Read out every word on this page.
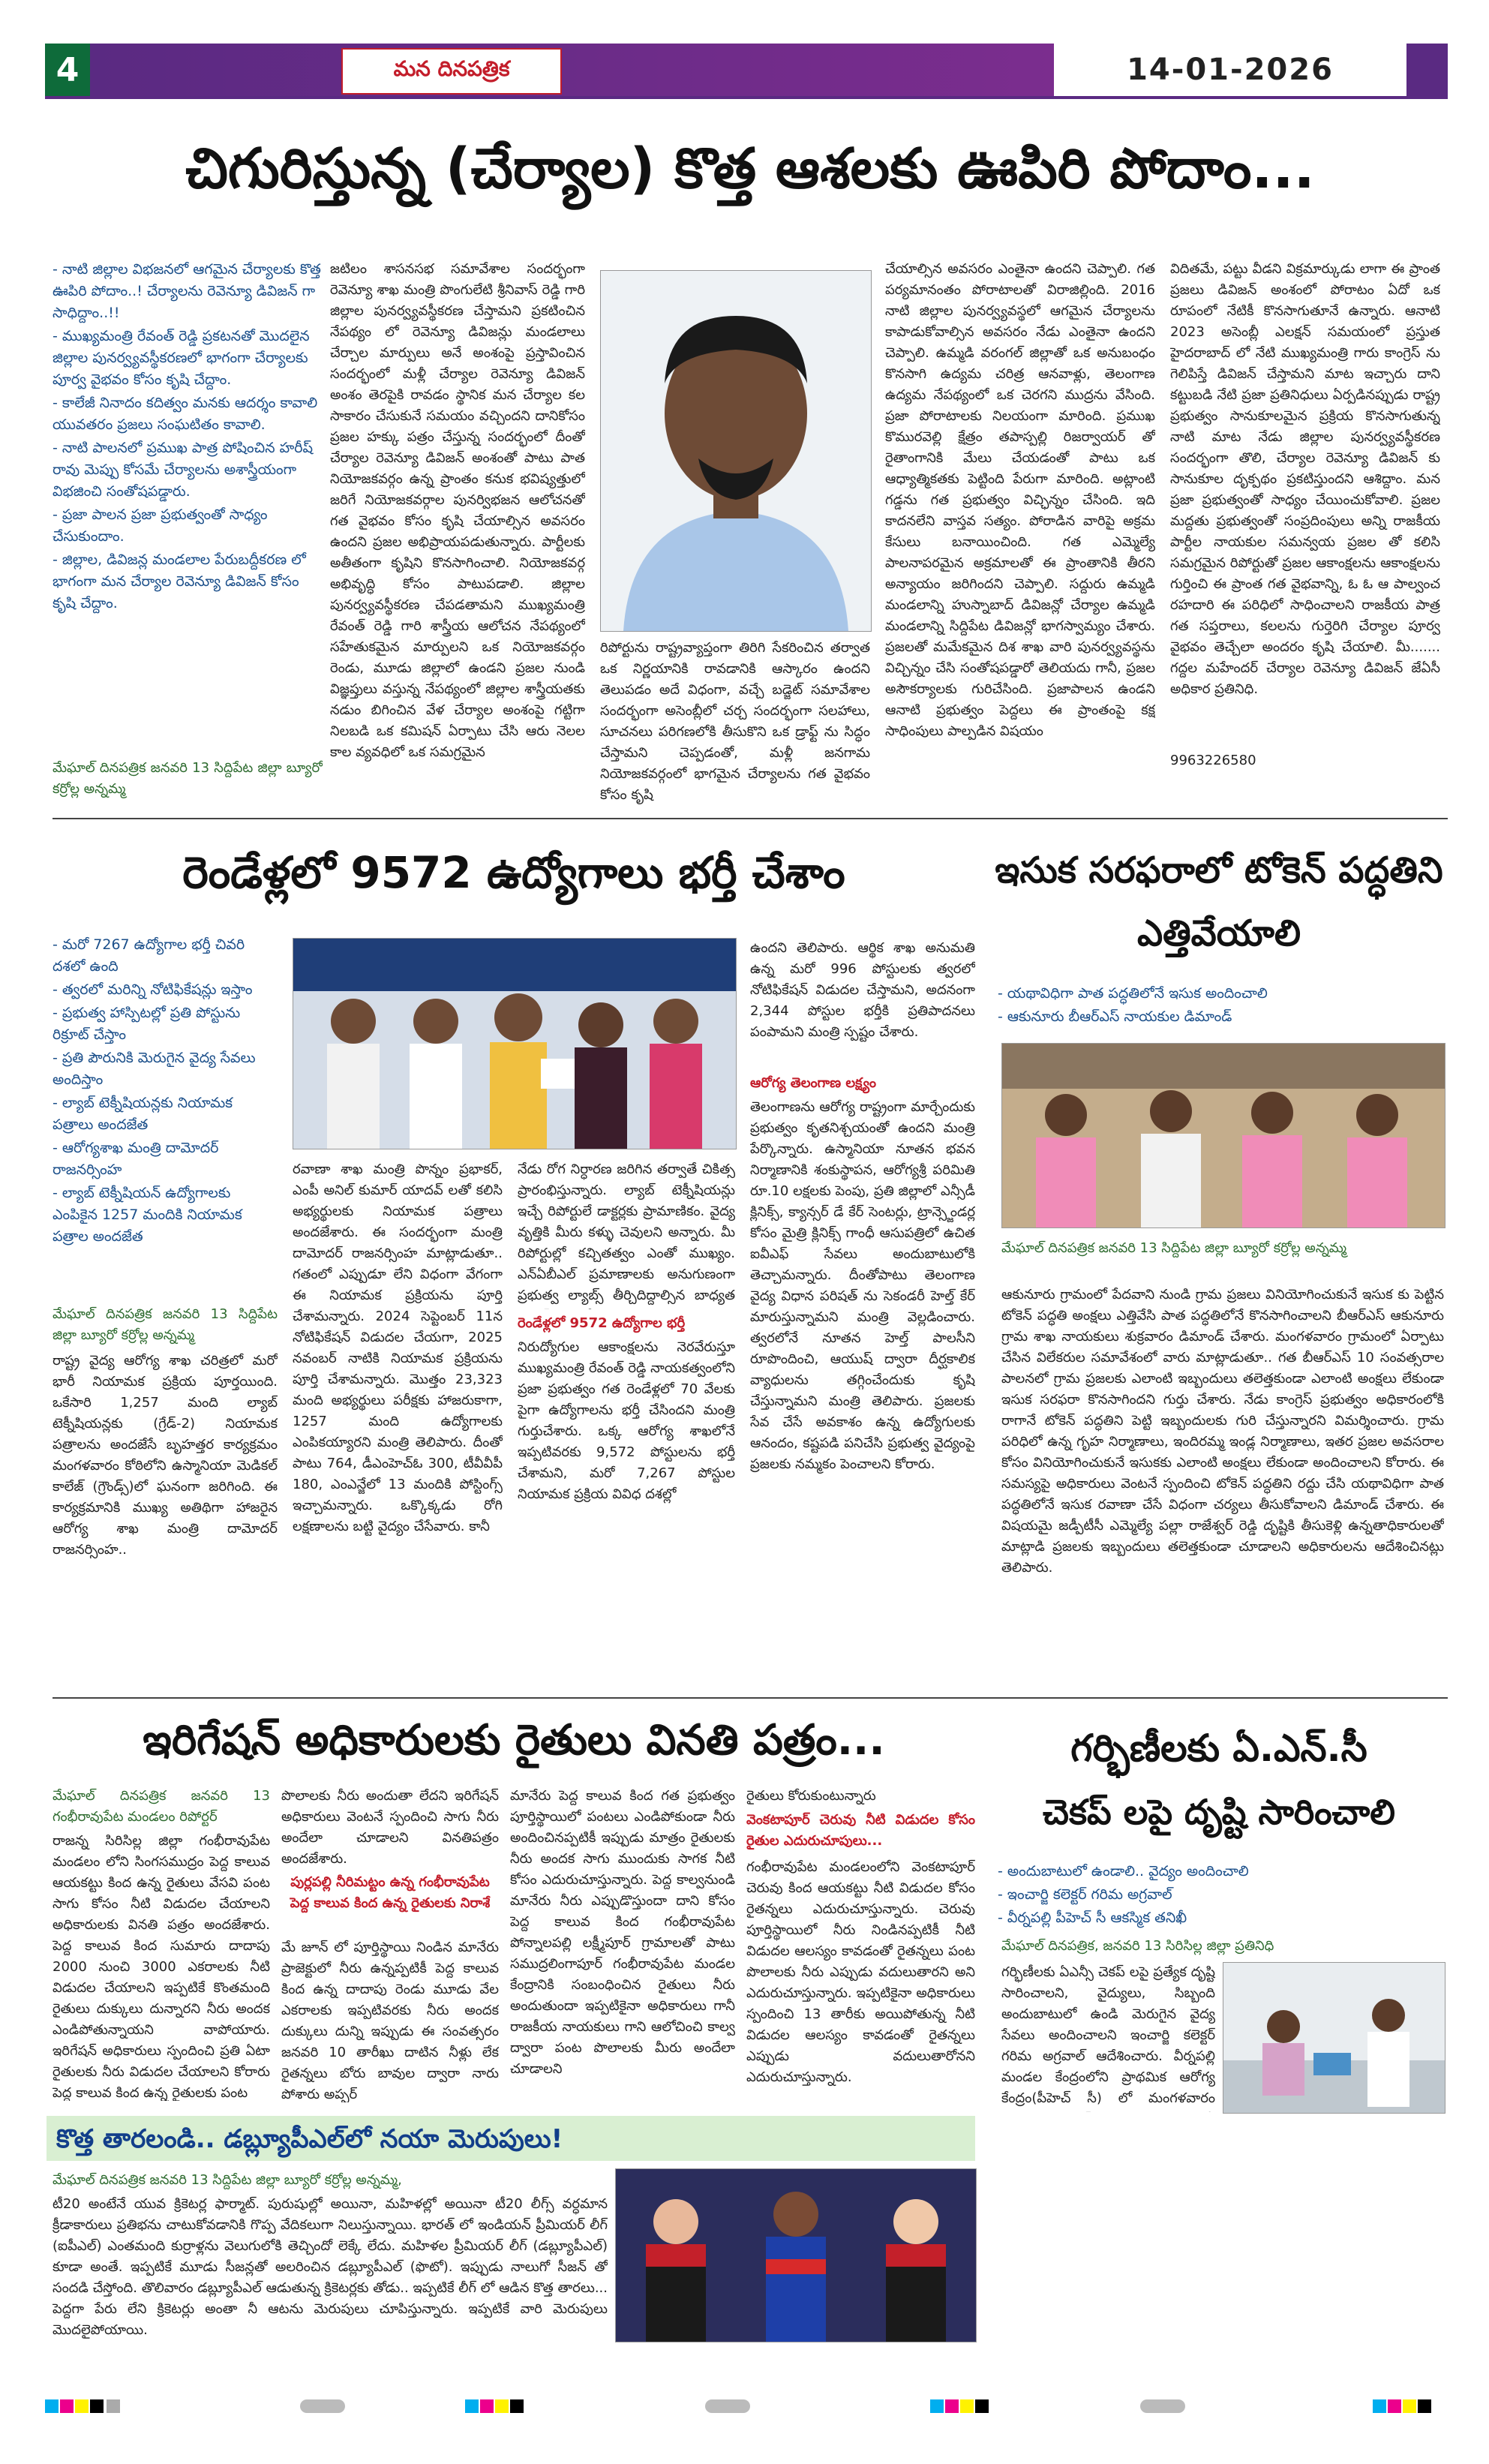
4	మన దినపత్రిక	14-01-2026
చిగురిస్తున్న (చేర్యాల) కొత్త ఆశలకు ఊపిరి పోదాం...
- నాటి జిల్లాల విభజనలో ఆగమైన చేర్యాలకు కొత్త ఊపిరి పోదాం..! చేర్యాలను రెవెన్యూ డివిజన్ గా సాధిద్దాం..!!
- ముఖ్యమంత్రి రేవంత్ రెడ్డి ప్రకటనతో మొదలైన జిల్లాల పునర్వ్యవస్థీకరణలో భాగంగా చేర్యాలకు పూర్వ వైభవం కోసం కృషి చేద్దాం.
- కాలేజీ నినాదం కదిత్వం మనకు ఆదర్శం కావాలి యువతరం ప్రజలు సంఘటితం కావాలి.
- నాటి పాలనలో ప్రముఖ పాత్ర పోషించిన హరీష్ రావు మెప్పు కోసమే చేర్యాలను అశాస్త్రీయంగా విభజించి సంతోషపడ్డారు.
- ప్రజా పాలన ప్రజా ప్రభుత్వంతో సాధ్యం చేసుకుందాం.
- జిల్లాల, డివిజన్ల మండలాల పేరుబద్దీకరణ లో భాగంగా మన చేర్యాల రెవెన్యూ డివిజన్ కోసం కృషి చేద్దాం.
మేఘాల్ దినపత్రిక జనవరి 13 సిద్దిపేట జిల్లా బ్యూరో కర్రోల్ల అన్నమ్మ
జటిలం శాసనసభ సమావేశాల సందర్భంగా రెవెన్యూ శాఖ మంత్రి పొంగులేటి శ్రీనివాస్ రెడ్డి గారి జిల్లాల పునర్వ్యవస్థీకరణ చేస్తామని ప్రకటించిన నేపథ్యం లో రెవెన్యూ డివిజన్లు మండలాలు చేర్చాల మార్పులు అనే అంశంపై ప్రస్తావించిన సందర్భంలో మళ్లీ చేర్యాల రెవెన్యూ డివిజన్ అంశం తెరపైకి రావడం స్థానిక మన చేర్యాల కల సాకారం చేసుకునే సమయం వచ్చిందని దానికోసం ప్రజల హక్కు పత్రం చేస్తున్న సందర్భంలో దీంతో చేర్యాల రెవెన్యూ డివిజన్ అంశంతో పాటు పాత నియోజకవర్గం ఉన్న ప్రాంతం కనుక భవిష్యత్తులో జరిగే నియోజకవర్గాల పునర్విభజన ఆలోచనతో గత వైభవం కోసం కృషి చేయాల్సిన అవసరం ఉందని ప్రజల అభిప్రాయపడుతున్నారు. పార్టీలకు అతీతంగా కృషిని కొనసాగించాలి. నియోజకవర్గ అభివృద్ధి కోసం పాటుపడాలి. జిల్లాల పునర్వ్యవస్థీకరణ చేపడతామని ముఖ్యమంత్రి రేవంత్ రెడ్డి గారి శాస్త్రీయ ఆలోచన నేపథ్యంలో సహేతుకమైన మార్పులని ఒక నియోజకవర్గం రెండు, మూడు జిల్లాలో ఉండని ప్రజల నుండి విజ్ఞప్తులు వస్తున్న నేపథ్యంలో జిల్లాల శాస్త్రీయతకు నడుం బిగించిన వేళ చేర్యాల అంశంపై గట్టిగా నిలబడి ఒక కమిషన్ ఏర్పాటు చేసి ఆరు నెలల కాల వ్యవధిలో ఒక సమగ్రమైన
రిపోర్టును రాష్ట్రవ్యాప్తంగా తిరిగి సేకరించిన తర్వాత ఒక నిర్ణయానికి రావడానికి ఆస్కారం ఉందని తెలుపడం అదే విధంగా, వచ్చే బడ్జెట్ సమావేశాల సందర్భంగా అసెంబ్లీలో చర్చ సందర్భంగా సలహాలు, సూచనలు పరిగణలోకి తీసుకొని ఒక డ్రాఫ్ట్ ను సిద్ధం చేస్తామని చెప్పడంతో, మళ్లీ జనగామ నియోజకవర్గంలో భాగమైన చేర్యాలను గత వైభవం కోసం కృషి
చేయాల్సిన అవసరం ఎంతైనా ఉందని చెప్పాలి. గత పర్యమానంతం పోరాటాలతో విరాజిల్లింది. 2016 నాటి జిల్లాల పునర్వ్యవస్థలో ఆగమైన చేర్యాలను కాపాడుకోవాల్సిన అవసరం నేడు ఎంతైనా ఉందని చెప్పాలి. ఉమ్మడి వరంగల్ జిల్లాతో ఒక అనుబంధం కొనసాగి ఉద్యమ చరిత్ర ఆనవాళ్లు, తెలంగాణ ఉద్యమ నేపథ్యంలో ఒక చెరగని ముద్రను వేసింది. ప్రజా పోరాటాలకు నిలయంగా మారింది. ప్రముఖ కొమురవెల్లి క్షేత్రం తపాస్పల్లి రిజర్వాయర్ తో రైతాంగానికి మేలు చేయడంతో పాటు ఒక ఆధ్యాత్మికతకు పెట్టింది పేరుగా మారింది. అట్లాంటి గడ్డను గత ప్రభుత్వం విచ్ఛిన్నం చేసింది. ఇది కాదనలేని వాస్తవ సత్యం. పోరాడిన వారిపై అక్రమ కేసులు బనాయించింది. గత ఎమ్మెల్యే పాలనాపరమైన అక్రమాలతో ఈ ప్రాంతానికి తీరని అన్యాయం జరిగిందని చెప్పాలి. సద్దురు ఉమ్మడి మండలాన్ని హుస్నాబాద్ డివిజన్లో చేర్యాల ఉమ్మడి మండలాన్ని సిద్దిపేట డివిజన్లో భాగస్వామ్యం చేశారు. ప్రజలతో మమేకమైన దిశ శాఖ వారి పునర్వ్యవస్థను విచ్చిన్నం చేసి సంతోషపడ్డారో తెలియదు గానీ, ప్రజల అసౌకర్యాలకు గురిచేసింది. ప్రజాపాలన ఉండని ఆనాటి ప్రభుత్వం పెద్దలు ఈ ప్రాంతంపై కక్ష సాధింపులు పాల్పడిన విషయం
విదితమే, పట్టు వీడని విక్రమార్కుడు లాగా ఈ ప్రాంత ప్రజలు డివిజన్ అంశంలో పోరాటం ఏదో ఒక రూపంలో నేటికీ కొనసాగుతూనే ఉన్నారు. ఆనాటి 2023 అసెంబ్లీ ఎలక్షన్ సమయంలో ప్రస్తుత హైదరాబాద్ లో నేటి ముఖ్యమంత్రి గారు కాంగ్రెస్ ను గెలిపిస్తే డివిజన్ చేస్తామని మాట ఇచ్చారు దాని కట్టుబడి నేటి ప్రజా ప్రతినిధులు ఏర్పడినప్పుడు రాష్ట్ర ప్రభుత్వం సానుకూలమైన ప్రక్రియ కొనసాగుతున్న నాటి మాట నేడు జిల్లాల పునర్వ్యవస్థీకరణ సందర్భంగా తొలి, చేర్యాల రెవెన్యూ డివిజన్ కు సానుకూల దృక్పథం ప్రకటిస్తుందని ఆశిద్దాం. మన ప్రజా ప్రభుత్వంతో సాధ్యం చేయించుకోవాలి. ప్రజల మద్దతు ప్రభుత్వంతో సంప్రదింపులు అన్ని రాజకీయ పార్టీల నాయకుల సమన్వయ ప్రజల తో కలిసి సమగ్రమైన రిపోర్టుతో ప్రజల ఆకాంక్షలను ఆకాంక్షలను గుర్తించి ఈ ప్రాంత గత వైభవాన్ని, ఓ ఓ ఆ పాల్వంచ రహదారి ఈ పరిధిలో సాధించాలని రాజకీయ పాత్ర గత సప్తరాలు, కలలను గుర్తెరిగి చేర్యాల పూర్వ వైభవం తెచ్చేలా అందరం కృషి చేయాలి. మీ....... గద్దల మహేందర్ చేర్యాల రెవెన్యూ డివిజన్ జేఏసీ అధికార ప్రతినిధి.
9963226580
రెండేళ్లలో 9572 ఉద్యోగాలు భర్తీ చేశాం
- మరో 7267 ఉద్యోగాల భర్తీ చివరి దశలో ఉంది
- త్వరలో మరిన్ని నోటిఫికేషన్లు ఇస్తాం
- ప్రభుత్వ హాస్పిటల్లో ప్రతి పోస్టును రిక్రూట్ చేస్తాం
- ప్రతి పౌరునికి మెరుగైన వైద్య సేవలు అందిస్తాం
- ల్యాబ్ టెక్నీషియన్లకు నియామక పత్రాలు అందజేత
- ఆరోగ్యశాఖ మంత్రి దామోదర్ రాజనర్సింహ
- ల్యాబ్ టెక్నీషియన్ ఉద్యోగాలకు ఎంపికైన 1257 మందికి నియామక పత్రాల అందజేత
మేఘాల్ దినపత్రిక జనవరి 13 సిద్దిపేట జిల్లా బ్యూరో కర్రోల్ల అన్నమ్మ
రాష్ట్ర వైద్య ఆరోగ్య శాఖ చరిత్రలో మరో భారీ నియామక ప్రక్రియ పూర్తయింది. ఒకేసారి 1,257 మంది ల్యాబ్ టెక్నీషియన్లకు (గ్రేడ్-2) నియామక పత్రాలను అందజేసే బృహత్తర కార్యక్రమం మంగళవారం కోఠిలోని ఉస్మానియా మెడికల్ కాలేజ్ (గ్రౌండ్స్)లో ఘనంగా జరిగింది. ఈ కార్యక్రమానికి ముఖ్య అతిథిగా హాజరైన ఆరోగ్య శాఖ మంత్రి దామోదర్ రాజనర్సింహ..
రవాణా శాఖ మంత్రి పొన్నం ప్రభాకర్, ఎంపీ అనిల్ కుమార్ యాదవ్ లతో కలిసి అభ్యర్థులకు నియామక పత్రాలు అందజేశారు. ఈ సందర్భంగా మంత్రి దామోదర్ రాజనర్సింహ మాట్లాడుతూ.. గతంలో ఎప్పుడూ లేని విధంగా వేగంగా ఈ నియామక ప్రక్రియను పూర్తి చేశామన్నారు. 2024 సెప్టెంబర్ 11న నోటిఫికేషన్ విడుదల చేయగా, 2025 నవంబర్ నాటికి నియామక ప్రక్రియను పూర్తి చేశామన్నారు. మొత్తం 23,323 మంది అభ్యర్థులు పరీక్షకు హాజరుకాగా, 1257 మంది ఉద్యోగాలకు ఎంపికయ్యారని మంత్రి తెలిపారు. దీంతో పాటు 764, డీఎంహెచ్ఓ 300, టీవీవీపీ 180, ఎంఎన్జేలో 13 మందికి పోస్టింగ్స్ ఇచ్చామన్నారు. ఒక్కొక్కడు రోగి లక్షణాలను బట్టి వైద్యం చేసేవారు. కానీ
నేడు రోగ నిర్ధారణ జరిగిన తర్వాతే చికిత్స ప్రారంభిస్తున్నారు. ల్యాబ్ టెక్నీషియన్లు ఇచ్చే రిపోర్టులే డాక్టర్లకు ప్రామాణికం. వైద్య వృత్తికి మీరు కళ్ళు చెవులని అన్నారు. మీ రిపోర్టుల్లో కచ్చితత్వం ఎంతో ముఖ్యం. ఎన్ఏబీఎల్ ప్రమాణాలకు అనుగుణంగా ప్రభుత్వ ల్యాబ్స్ తీర్చిదిద్దాల్సిన బాధ్యత
రెండేళ్లలో 9572 ఉద్యోగాల భర్తీ
నిరుద్యోగుల ఆకాంక్షలను నెరవేరుస్తూ ముఖ్యమంత్రి రేవంత్ రెడ్డి నాయకత్వంలోని ప్రజా ప్రభుత్వం గత రెండేళ్లలో 70 వేలకు పైగా ఉద్యోగాలను భర్తీ చేసిందని మంత్రి గుర్తుచేశారు. ఒక్క ఆరోగ్య శాఖలోనే ఇప్పటివరకు 9,572 పోస్టులను భర్తీ చేశామని, మరో 7,267 పోస్టుల నియామక ప్రక్రియ వివిధ దశల్లో
ఉందని తెలిపారు. ఆర్థిక శాఖ అనుమతి ఉన్న మరో 996 పోస్టులకు త్వరలో నోటిఫికేషన్ విడుదల చేస్తామని, అదనంగా 2,344 పోస్టుల భర్తీకి ప్రతిపాదనలు పంపామని మంత్రి స్పష్టం చేశారు.
ఆరోగ్య తెలంగాణ లక్ష్యం
తెలంగాణను ఆరోగ్య రాష్ట్రంగా మార్చేందుకు ప్రభుత్వం కృతనిశ్చయంతో ఉందని మంత్రి పేర్కొన్నారు. ఉస్మానియా నూతన భవన నిర్మాణానికి శంకుస్థాపన, ఆరోగ్యశ్రీ పరిమితి రూ.10 లక్షలకు పెంపు, ప్రతి జిల్లాలో ఎన్సీడీ క్లినిక్స్, క్యాన్సర్ డే కేర్ సెంటర్లు, ట్రాన్స్జెండర్ల కోసం మైత్రి క్లినిక్స్ గాంధీ ఆసుపత్రిలో ఉచిత ఐవీఎఫ్ సేవలు అందుబాటులోకి తెచ్చామన్నారు. దీంతోపాటు తెలంగాణ వైద్య విధాన పరిషత్ ను సెకండరీ హెల్త్ కేర్ మారుస్తున్నామని మంత్రి వెల్లడించారు. త్వరలోనే నూతన హెల్త్ పాలసీని రూపొందించి, ఆయుష్ ద్వారా దీర్ఘకాలిక వ్యాధులను తగ్గించేందుకు కృషి చేస్తున్నామని మంత్రి తెలిపారు. ప్రజలకు సేవ చేసే అవకాశం ఉన్న ఉద్యోగులకు ఆనందం, కష్టపడి పనిచేసి ప్రభుత్వ వైద్యంపై ప్రజలకు నమ్మకం పెంచాలని కోరారు.
ఇసుక సరఫరాలో టోకెన్ పద్ధతిని ఎత్తివేయాలి
- యథావిధిగా పాత పద్ధతిలోనే ఇసుక అందించాలి
- ఆకునూరు బీఆర్ఎస్ నాయకుల డిమాండ్
మేఘాల్ దినపత్రిక జనవరి 13 సిద్దిపేట జిల్లా బ్యూరో కర్రోల్ల అన్నమ్మ
ఆకునూరు గ్రామంలో పేదవాని నుండి గ్రామ ప్రజలు వినియోగించుకునే ఇసుక కు పెట్టిన టోకెన్ పద్ధతి అంక్షలు ఎత్తివేసి పాత పద్ధతిలోనే కొనసాగించాలని బీఆర్ఎస్ ఆకునూరు గ్రామ శాఖ నాయకులు శుక్రవారం డిమాండ్ చేశారు. మంగళవారం గ్రామంలో ఏర్పాటు చేసిన విలేకరుల సమావేశంలో వారు మాట్లాడుతూ.. గత బీఆర్ఎస్ 10 సంవత్సరాల పాలనలో గ్రామ ప్రజలకు ఎలాంటి ఇబ్బందులు తలెత్తకుండా ఎలాంటి అంక్షలు లేకుండా ఇసుక సరఫరా కొనసాగిందని గుర్తు చేశారు. నేడు కాంగ్రెస్ ప్రభుత్వం అధికారంలోకి రాగానే టోకెన్ పద్ధతిని పెట్టి ఇబ్బందులకు గురి చేస్తున్నారని విమర్శించారు. గ్రామ పరిధిలో ఉన్న గృహ నిర్మాణాలు, ఇందిరమ్మ ఇండ్ల నిర్మాణాలు, ఇతర ప్రజల అవసరాల కోసం వినియోగించుకునే ఇసుకకు ఎలాంటి అంక్షలు లేకుండా అందించాలని కోరారు. ఈ సమస్యపై అధికారులు వెంటనే స్పందించి టోకెన్ పద్ధతిని రద్దు చేసి యథావిధిగా పాత పద్ధతిలోనే ఇసుక రవాణా చేసే విధంగా చర్యలు తీసుకోవాలని డిమాండ్ చేశారు. ఈ విషయమై జడ్పీటీసీ ఎమ్మెల్యే పల్లా రాజేశ్వర్ రెడ్డి దృష్టికి తీసుకెళ్లి ఉన్నతాధికారులతో మాట్లాడి ప్రజలకు ఇబ్బందులు తలెత్తకుండా చూడాలని అధికారులను ఆదేశించినట్లు తెలిపారు.
ఇరిగేషన్ అధికారులకు రైతులు వినతి పత్రం...
మేఘాల్ దినపత్రిక జనవరి 13 గంభీరావుపేట మండలం రిపోర్టర్
రాజన్న సిరిసిల్ల జిల్లా గంభీరావుపేట మండలం లోని సింగసముద్రం పెద్ద కాలువ ఆయకట్టు కింద ఉన్న రైతులు వేసవి పంట సాగు కోసం నీటి విడుదల చేయాలని అధికారులకు వినతి పత్రం అందజేశారు. పెద్ద కాలువ కింద సుమారు దాదాపు 2000 నుంచి 3000 ఎకరాలకు నీటి విడుదల చేయాలని ఇప్పటికే కొంతమంది రైతులు దుక్కులు దున్నారని నీరు అందక ఎండిపోతున్నాయని వాపోయారు. ఇరిగేషన్ అధికారులు స్పందించి ప్రతి ఏటా రైతులకు నీరు విడుదల చేయాలని కోరారు పెద్ద కాలువ కింద ఉన్న రైతులకు పంట
పొలాలకు నీరు అందుతా లేదని ఇరిగేషన్ అధికారులు వెంటనే స్పందించి సాగు నీరు అందేలా చూడాలని వినతిపత్రం అందజేశారు.
పుర్లపల్లి నీరిమట్టం ఉన్న గంభీరావుపేట పెద్ద కాలువ కింద ఉన్న రైతులకు నిరాశే
మే జూన్ లో పూర్తిస్థాయి నిండిన మానేరు ప్రాజెక్టులో నీరు ఉన్నప్పటికీ పెద్ద కాలువ కింద ఉన్న దాదాపు రెండు మూడు వేల ఎకరాలకు ఇప్పటివరకు నీరు అందక దుక్కులు దున్ని ఇప్పుడు ఈ సంవత్సరం జనవరి 10 తారీఖు దాటిన నీళ్లు లేక రైతన్నలు బోరు బావుల ద్వారా నారు పోశారు అప్పర్
మానేరు పెద్ద కాలువ కింద గత ప్రభుత్వం పూర్తిస్థాయిలో పంటలు ఎండిపోకుండా నీరు అందించినప్పటికీ ఇప్పుడు మాత్రం రైతులకు నీరు అందక సాగు ముందుకు సాగక నీటి కోసం ఎదురుచూస్తున్నారు. పెద్ద కాల్వనుండి మానేరు నీరు ఎప్పుడొస్తుందా దాని కోసం పెద్ద కాలువ కింద గంభీరావుపేట పోన్నాలపల్లి లక్ష్మీపూర్ గ్రామాలతో పాటు సముద్రలింగాపూర్ గంభీరావుపేట మండల కేంద్రానికి సంబంధించిన రైతులు నీరు అందుతుందా ఇప్పటికైనా అధికారులు గానీ రాజకీయ నాయకులు గాని ఆలోచించి కాల్వ ద్వారా పంట పొలాలకు మీరు అందేలా చూడాలని
రైతులు కోరుకుంటున్నారు
వెంకటాపూర్ చెరువు నీటి విడుదల కోసం రైతుల ఎదురుచూపులు...
గంభీరావుపేట మండలంలోని వెంకటాపూర్ చెరువు కింద ఆయకట్టు నీటి విడుదల కోసం రైతన్నలు ఎదురుచూస్తున్నారు. చెరువు పూర్తిస్థాయిలో నీరు నిండినప్పటికీ నీటి విడుదల ఆలస్యం కావడంతో రైతన్నలు పంట పొలాలకు నీరు ఎప్పుడు వదులుతారని అని ఎదురుచూస్తున్నారు. ఇప్పటికైనా అధికారులు స్పందించి 13 తారీకు అయిపోతున్న నీటి విడుదల ఆలస్యం కావడంతో రైతన్నలు ఎప్పుడు వదులుతారోనని ఎదురుచూస్తున్నారు.
కొత్త తారలండి.. డబ్ల్యూపీఎల్‌లో నయా మెరుపులు!
మేఘాల్ దినపత్రిక జనవరి 13 సిద్దిపేట జిల్లా బ్యూరో కర్రోల్ల అన్నమ్మ,
టీ20 అంటేనే యువ క్రికెటర్ల ఫార్మాట్. పురుషుల్లో అయినా, మహిళల్లో అయినా టీ20 లీగ్స్ వర్ధమాన క్రీడాకారులు ప్రతిభను చాటుకోవడానికి గొప్ప వేదికలుగా నిలుస్తున్నాయి. భారత్ లో ఇండియన్ ప్రీమియర్ లీగ్ (ఐపీఎల్) ఎంతమంది కుర్రాళ్లను వెలుగులోకి తెచ్చిందో లెక్కే లేదు. మహిళల ప్రీమియర్ లీగ్ (డబ్ల్యూపీఎల్) కూడా అంతే. ఇప్పటికే మూడు సీజన్లతో అలరించిన డబ్ల్యూపీఎల్ (ఫొటో). ఇప్పుడు నాలుగో సీజన్ తో సందడి చేస్తోంది. తొలివారం డబ్ల్యూపీఎల్ ఆడుతున్న క్రికెటర్లకు తోడు.. ఇప్పటికే లీగ్ లో ఆడిన కొత్త తారలు... పెద్దగా పేరు లేని క్రికెటర్లు అంతా నీ ఆటను మెరుపులు చూపిస్తున్నారు. ఇప్పటికే వారి మెరుపులు మొదలైపోయాయి.
గర్భిణీలకు ఏ.ఎన్.సీ
చెకప్ లపై దృష్టి సారించాలి
- అందుబాటులో ఉండాలి.. వైద్యం అందించాలి
- ఇంచార్జి కలెక్టర్ గరిమ అగ్రవాల్
- వీర్నపల్లి పీహెచ్ సీ ఆకస్మిక తనిఖీ
మేఘాల్ దినపత్రిక, జనవరి 13 సిరిసిల్ల జిల్లా ప్రతినిధి
గర్భిణీలకు ఏఎన్సీ చెకప్ లపై ప్రత్యేక దృష్టి సారించాలని, వైద్యులు, సిబ్బంది అందుబాటులో ఉండి మెరుగైన వైద్య సేవలు అందించాలని ఇంచార్జి కలెక్టర్ గరిమ అగ్రవాల్ ఆదేశించారు. వీర్నపల్లి మండల కేంద్రంలోని ప్రాథమిక ఆరోగ్య కేంద్రం(పీహెచ్ సీ) లో మంగళవారం
